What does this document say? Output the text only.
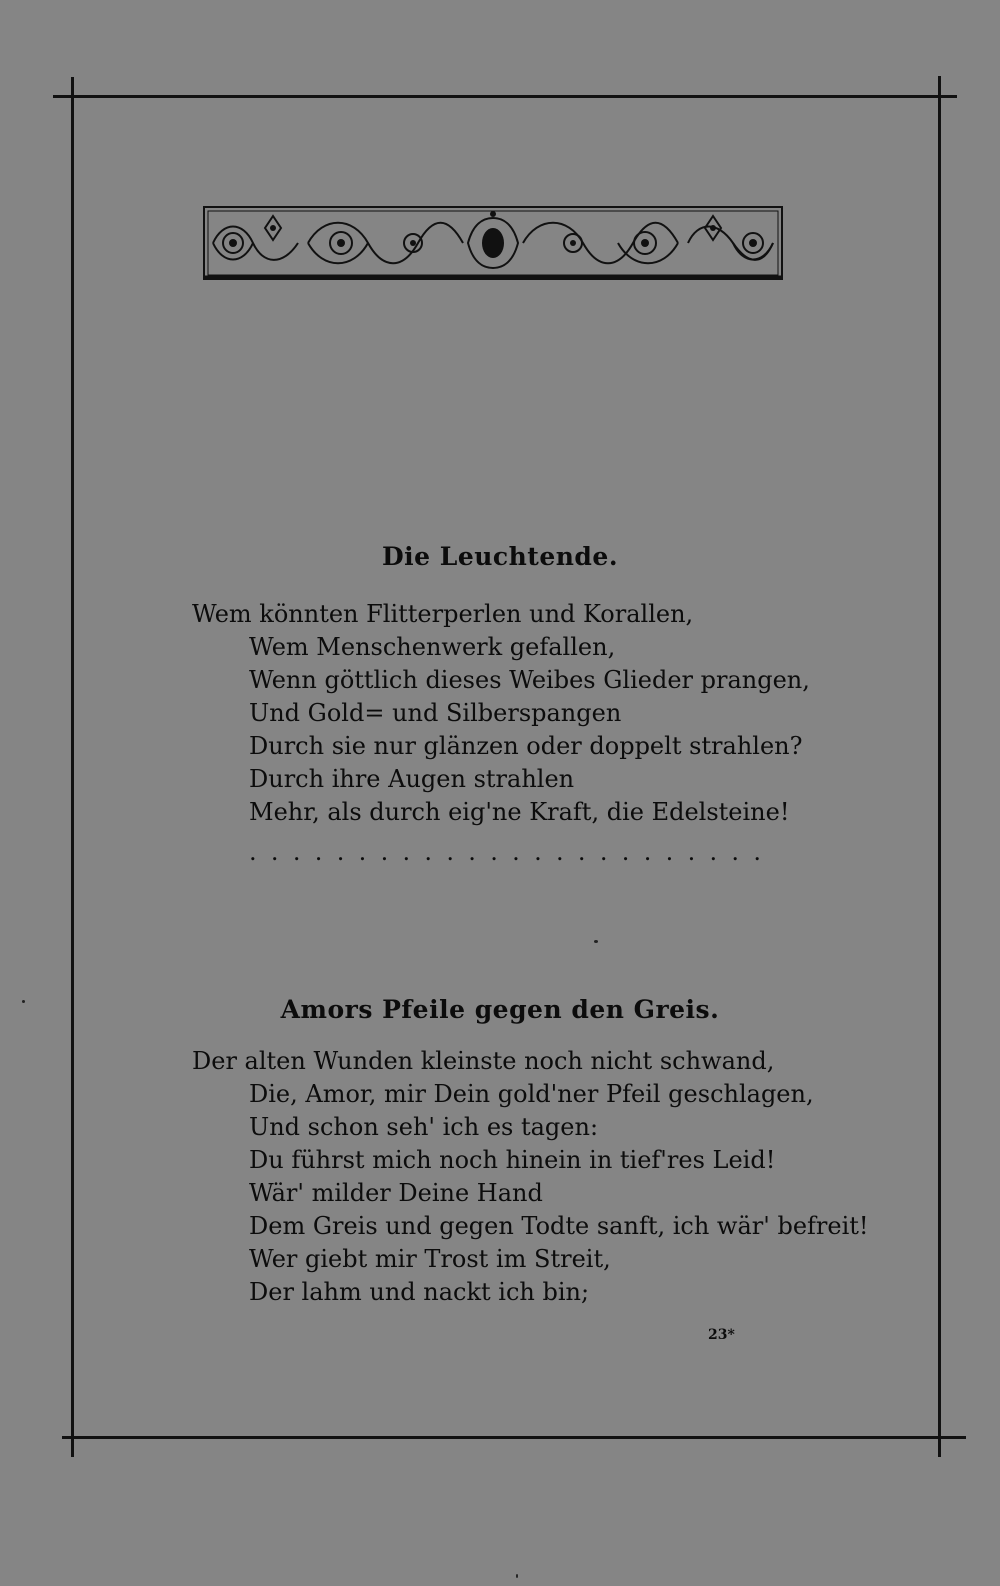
Die Leuchtende.
Wem könnten Flitterperlen und Korallen,
Wem Menschenwerk gefallen,
Wenn göttlich dieses Weibes Glieder prangen,
Und Gold= und Silberspangen
Durch sie nur glänzen oder doppelt strahlen?
Durch ihre Augen strahlen
Mehr, als durch eig'ne Kraft, die Edelsteine!
........................
Amors Pfeile gegen den Greis.
Der alten Wunden kleinste noch nicht schwand,
Die, Amor, mir Dein gold'ner Pfeil geschlagen,
Und schon seh' ich es tagen:
Du führst mich noch hinein in tief'res Leid!
Wär' milder Deine Hand
Dem Greis und gegen Todte sanft, ich wär' befreit!
Wer giebt mir Trost im Streit,
Der lahm und nackt ich bin;
23*
